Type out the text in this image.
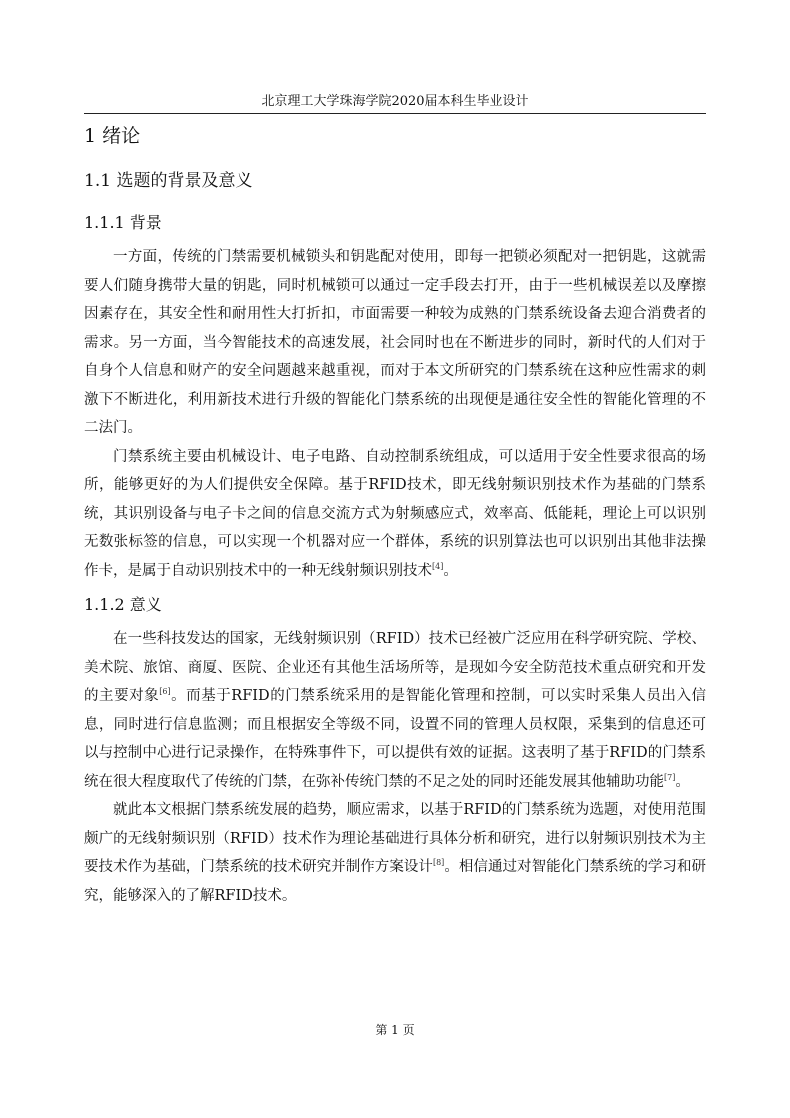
北京理工大学珠海学院2020届本科生毕业设计
1 绪论
1.1 选题的背景及意义
1.1.1 背景

一方面，传统的门禁需要机械锁头和钥匙配对使用，即每一把锁必须配对一把钥匙，这就需要人们随身携带大量的钥匙，同时机械锁可以通过一定手段去打开，由于一些机械误差以及摩擦因素存在，其安全性和耐用性大打折扣，市面需要一种较为成熟的门禁系统设备去迎合消费者的需求。另一方面，当今智能技术的高速发展，社会同时也在不断进步的同时，新时代的人们对于自身个人信息和财产的安全问题越来越重视，而对于本文所研究的门禁系统在这种应性需求的刺激下不断进化，利用新技术进行升级的智能化门禁系统的出现便是通往安全性的智能化管理的不二法门。

门禁系统主要由机械设计、电子电路、自动控制系统组成，可以适用于安全性要求很高的场所，能够更好的为人们提供安全保障。基于RFID技术，即无线射频识别技术作为基础的门禁系统，其识别设备与电子卡之间的信息交流方式为射频感应式，效率高、低能耗，理论上可以识别无数张标签的信息，可以实现一个机器对应一个群体，系统的识别算法也可以识别出其他非法操作卡，是属于自动识别技术中的一种无线射频识别技术[4]。

1.1.2 意义

在一些科技发达的国家，无线射频识别（RFID）技术已经被广泛应用在科学研究院、学校、美术院、旅馆、商厦、医院、企业还有其他生活场所等，是现如今安全防范技术重点研究和开发的主要对象[6]。而基于RFID的门禁系统采用的是智能化管理和控制，可以实时采集人员出入信息，同时进行信息监测；而且根据安全等级不同，设置不同的管理人员权限，采集到的信息还可以与控制中心进行记录操作，在特殊事件下，可以提供有效的证据。这表明了基于RFID的门禁系统在很大程度取代了传统的门禁，在弥补传统门禁的不足之处的同时还能发展其他辅助功能[7]。

就此本文根据门禁系统发展的趋势，顺应需求，以基于RFID的门禁系统为选题，对使用范围颇广的无线射频识别（RFID）技术作为理论基础进行具体分析和研究，进行以射频识别技术为主要技术作为基础，门禁系统的技术研究并制作方案设计[8]。相信通过对智能化门禁系统的学习和研究，能够深入的了解RFID技术。

第 1 页
